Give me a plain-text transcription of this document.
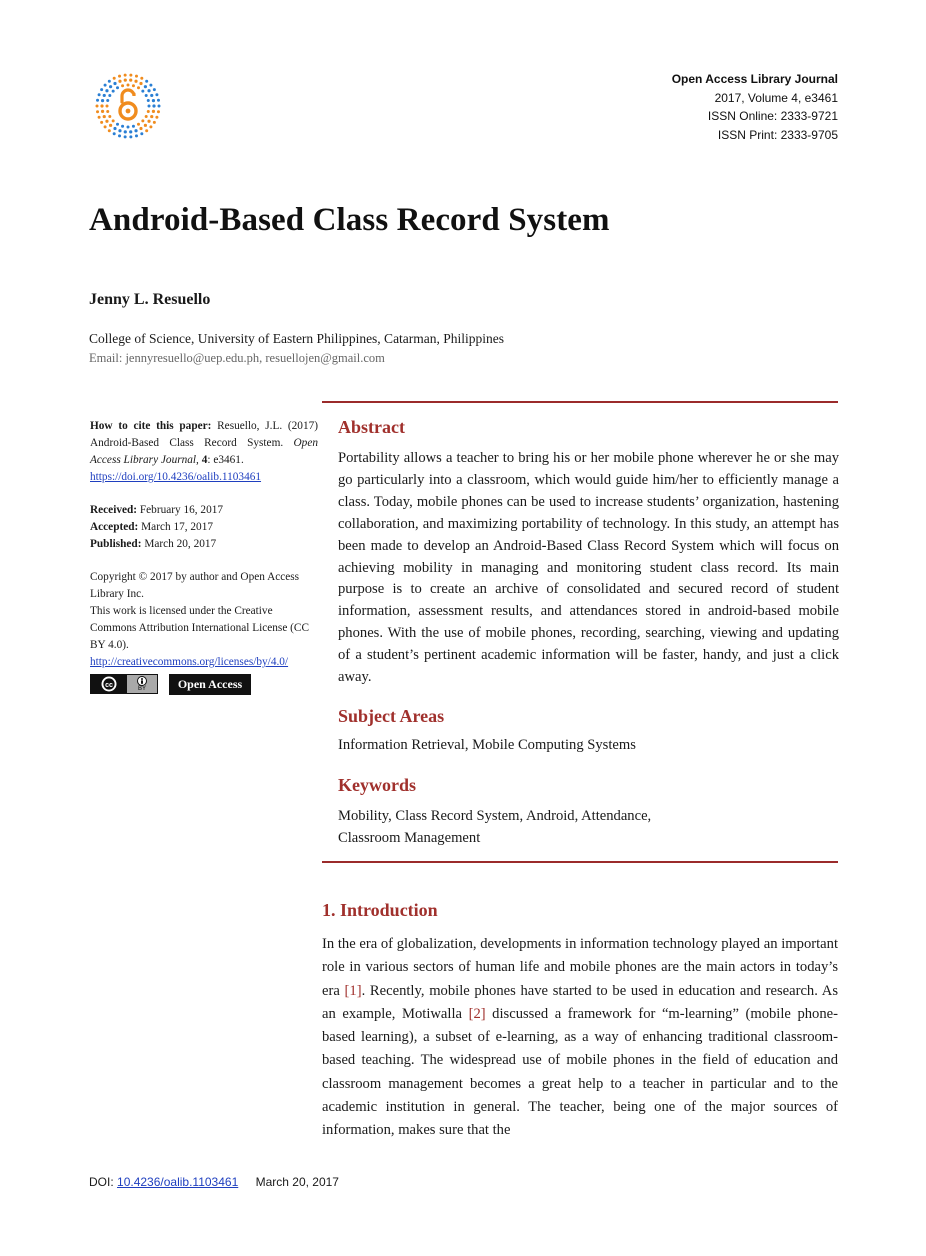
Open Access Library Journal
2017, Volume 4, e3461
ISSN Online: 2333-9721
ISSN Print: 2333-9705
Android-Based Class Record System
Jenny L. Resuello
College of Science, University of Eastern Philippines, Catarman, Philippines
Email: jennyresuello@uep.edu.ph, resuellojen@gmail.com

How to cite this paper: Resuello, J.L. (2017) Android-Based Class Record System. Open Access Library Journal, 4: e3461.

https://doi.org/10.4236/oalib.1103461

Received: February 16, 2017

Accepted: March 17, 2017

Published: March 20, 2017

Copyright © 2017 by author and Open Access Library Inc.

This work is licensed under the Creative Commons Attribution International License (CC BY 4.0).

http://creativecommons.org/licenses/by/4.0/

cc	BY	Open Access
Abstract
Portability allows a teacher to bring his or her mobile phone wherever he or she may go particularly into a classroom, which would guide him/her to efficiently manage a class. Today, mobile phones can be used to increase students’ organization, hastening collaboration, and maximizing portability of technology. In this study, an attempt has been made to develop an Android-Based Class Record System which will focus on achieving mobility in managing and monitoring student class record. Its main purpose is to create an archive of consolidated and secured record of student information, assessment results, and attendances stored in android-based mobile phones. With the use of mobile phones, recording, searching, viewing and updating of a student’s pertinent academic information will be faster, handy, and just a click away.
Subject Areas
Information Retrieval, Mobile Computing Systems
Keywords
Mobility, Class Record System, Android, Attendance,
Classroom Management
1. Introduction
In the era of globalization, developments in information technology played an important role in various sectors of human life and mobile phones are the main actors in today’s era [1]. Recently, mobile phones have started to be used in education and research. As an example, Motiwalla [2] discussed a framework for “m-learning” (mobile phone-based learning), a subset of e-learning, as a way of enhancing traditional classroom-based teaching. The widespread use of mobile phones in the field of education and classroom management becomes a great help to a teacher in particular and to the academic institution in general. The teacher, being one of the major sources of information, makes sure that the
DOI: 10.4236/oalib.1103461 March 20, 2017
